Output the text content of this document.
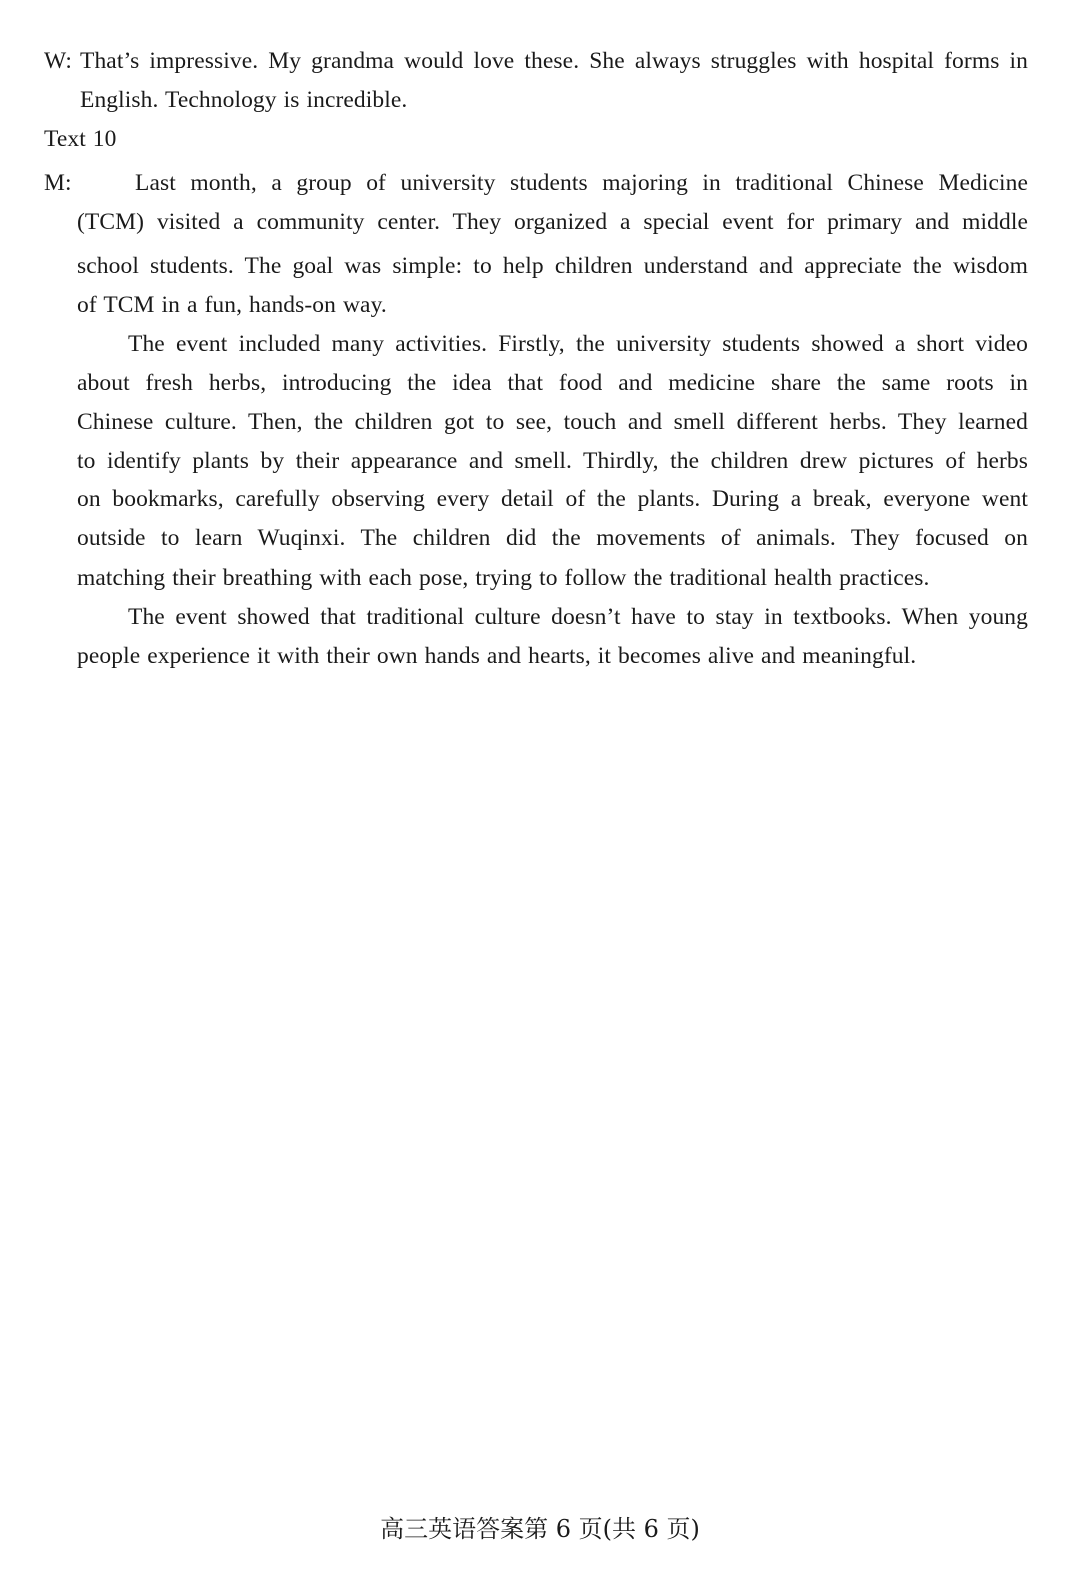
W: That’s impressive. My grandma would love these. She always struggles with hospital forms in
English. Technology is incredible.
Text 10
M:	Last month, a group of university students majoring in traditional Chinese Medicine
(TCM) visited a community center. They organized a special event for primary and middle
school students. The goal was simple: to help children understand and appreciate the wisdom
of TCM in a fun, hands-on way.
The event included many activities. Firstly, the university students showed a short video
about fresh herbs, introducing the idea that food and medicine share the same roots in
Chinese culture. Then, the children got to see, touch and smell different herbs. They learned
to identify plants by their appearance and smell. Thirdly, the children drew pictures of herbs
on bookmarks, carefully observing every detail of the plants. During a break, everyone went
outside to learn Wuqinxi. The children did the movements of animals. They focused on
matching their breathing with each pose, trying to follow the traditional health practices.
The event showed that traditional culture doesn’t have to stay in textbooks. When young
people experience it with their own hands and hearts, it becomes alive and meaningful.
高三英语答案第 6 页(共 6 页)
